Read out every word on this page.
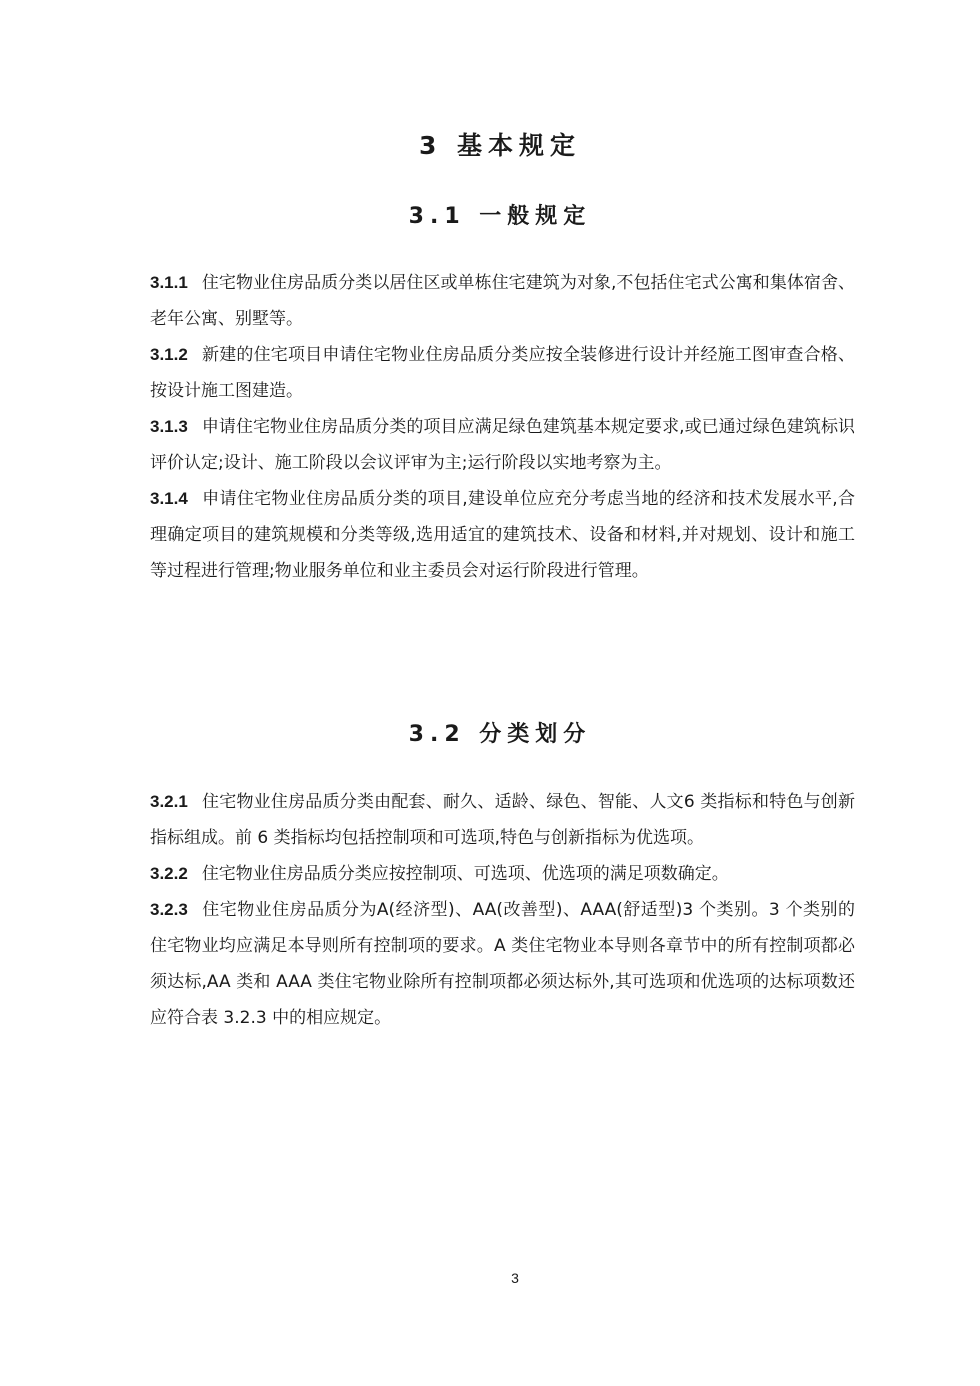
3 基本规定
3.1 一般规定

3.1.1 住宅物业住房品质分类以居住区或单栋住宅建筑为对象,不包括住宅式公寓和集体宿舍、老年公寓、别墅等。

3.1.2 新建的住宅项目申请住宅物业住房品质分类应按全装修进行设计并经施工图审查合格、按设计施工图建造。

3.1.3 申请住宅物业住房品质分类的项目应满足绿色建筑基本规定要求,或已通过绿色建筑标识评价认定;设计、施工阶段以会议评审为主;运行阶段以实地考察为主。

3.1.4 申请住宅物业住房品质分类的项目,建设单位应充分考虑当地的经济和技术发展水平,合理确定项目的建筑规模和分类等级,选用适宜的建筑技术、设备和材料,并对规划、设计和施工等过程进行管理;物业服务单位和业主委员会对运行阶段进行管理。

3.2 分类划分

3.2.1 住宅物业住房品质分类由配套、耐久、适龄、绿色、智能、人文6 类指标和特色与创新指标组成。前 6 类指标均包括控制项和可选项,特色与创新指标为优选项。

3.2.2 住宅物业住房品质分类应按控制项、可选项、优选项的满足项数确定。

3.2.3 住宅物业住房品质分为A(经济型)、AA(改善型)、AAA(舒适型)3 个类别。3 个类别的住宅物业均应满足本导则所有控制项的要求。A 类住宅物业本导则各章节中的所有控制项都必须达标,AA 类和 AAA 类住宅物业除所有控制项都必须达标外,其可选项和优选项的达标项数还应符合表 3.2.3 中的相应规定。

3
